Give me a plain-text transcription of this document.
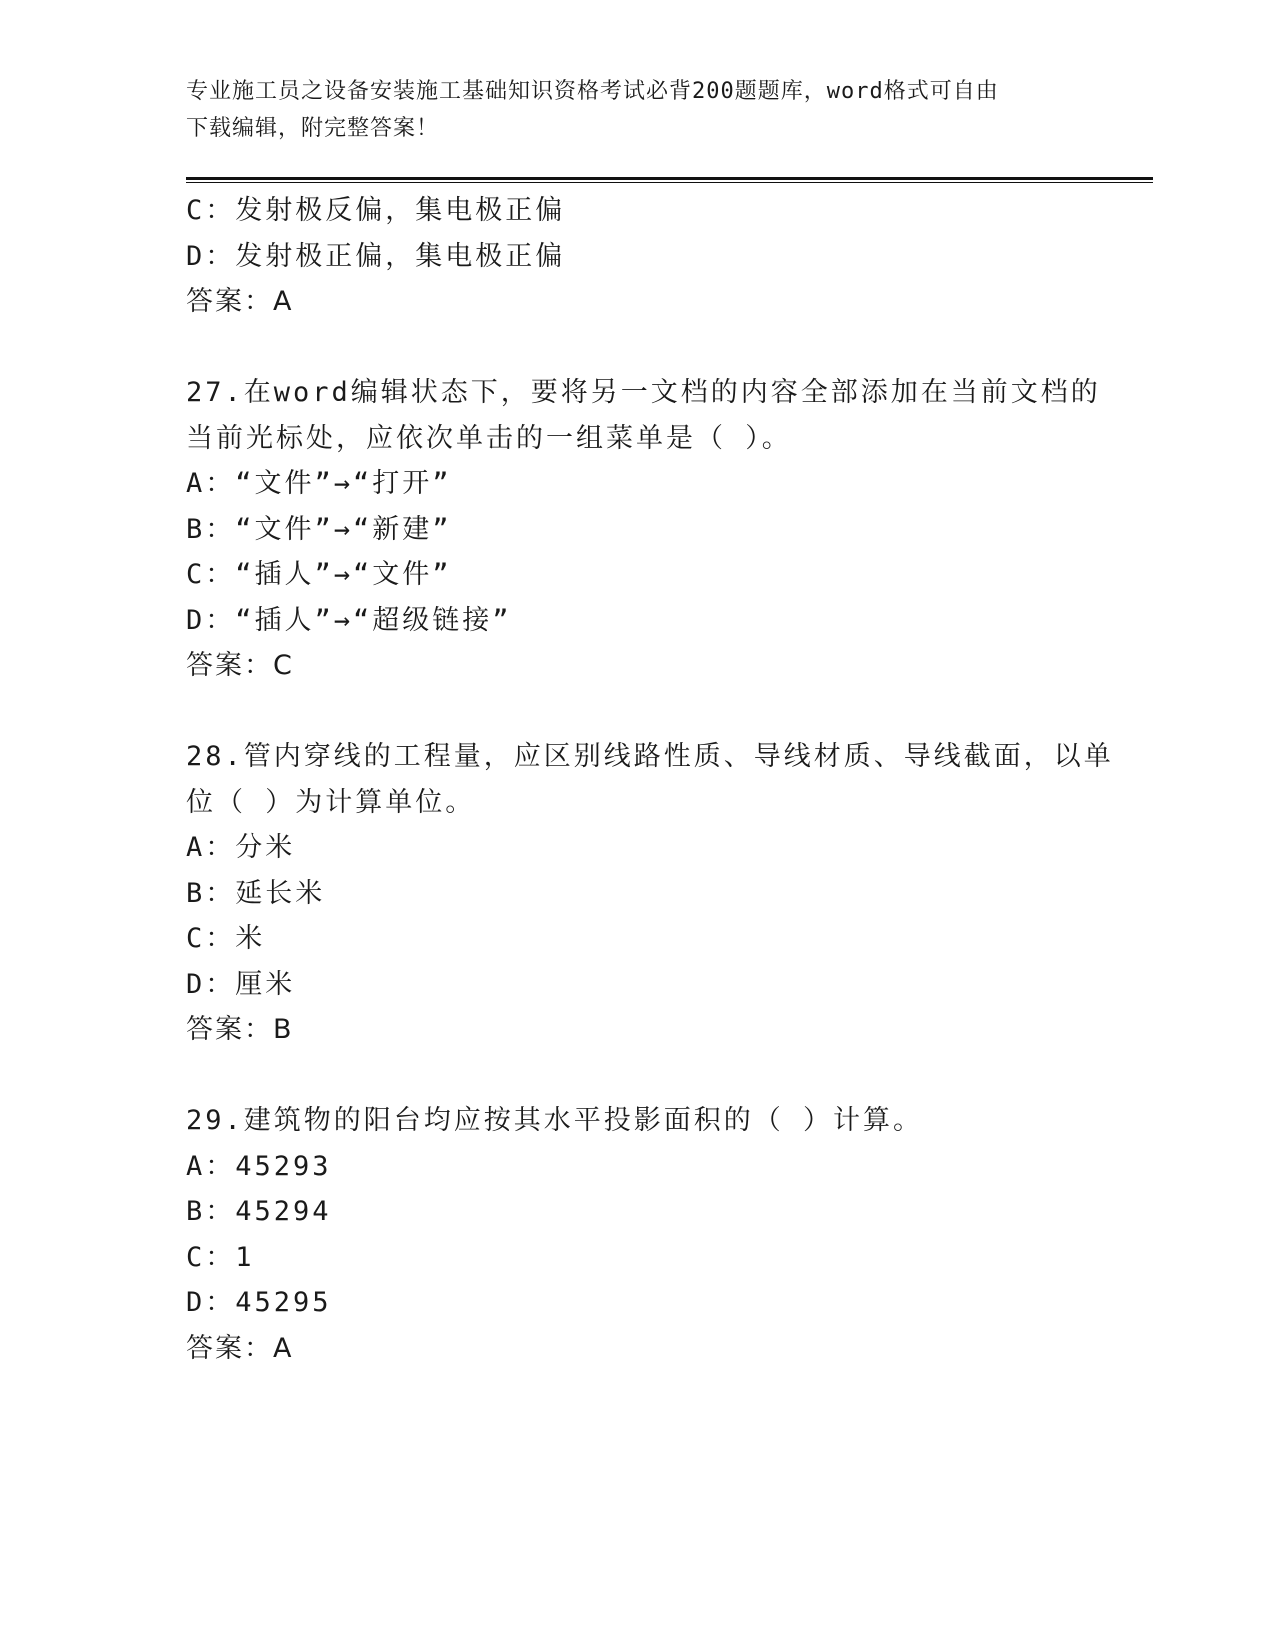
专业施工员之设备安装施工基础知识资格考试必背200题题库，word格式可自由
下载编辑，附完整答案！
C：发射极反偏，集电极正偏
D：发射极正偏，集电极正偏
答案：A
27.在word编辑状态下，要将另一文档的内容全部添加在当前文档的
当前光标处，应依次单击的一组菜单是（ ）。
A：“文件”→“打开”
B：“文件”→“新建”
C：“插人”→“文件”
D：“插人”→“超级链接”
答案：C
28.管内穿线的工程量，应区别线路性质、导线材质、导线截面，以单
位（ ）为计算单位。
A：分米
B：延长米
C：米
D：厘米
答案：B
29.建筑物的阳台均应按其水平投影面积的（ ）计算。
A：45293
B：45294
C：1
D：45295
答案：A
